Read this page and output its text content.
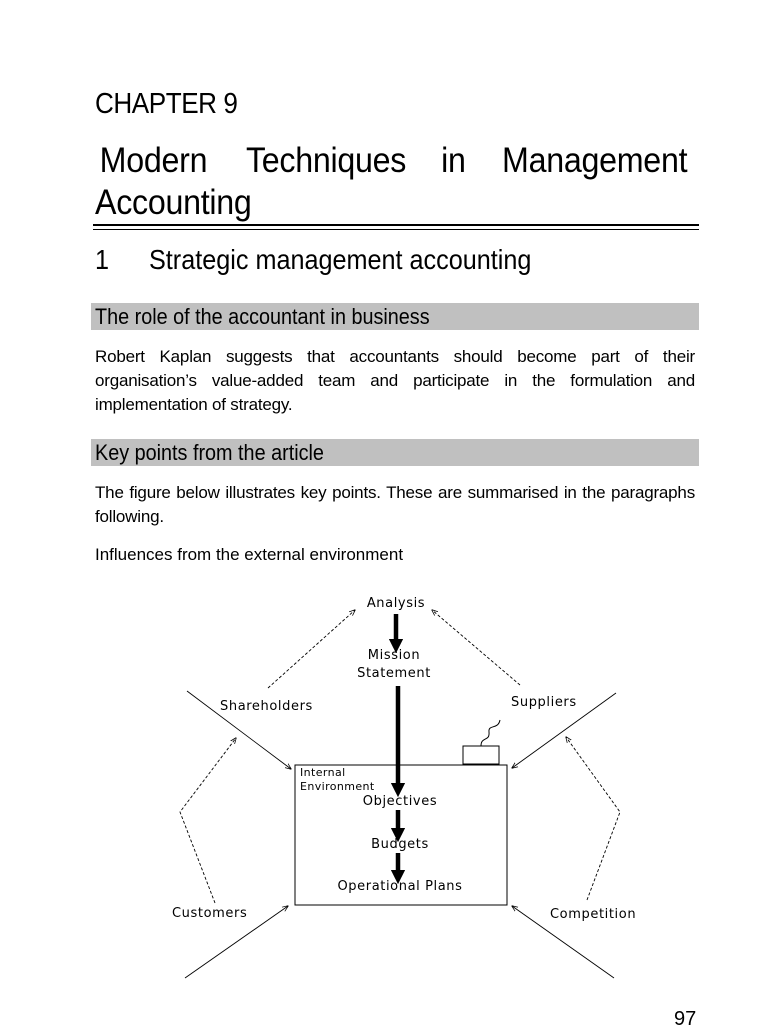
CHAPTER 9
Modern Techniques in Management
Accounting
1 Strategic management accounting
The role of the accountant in business
Robert Kaplan suggests that accountants should become part of their organisation’s value-added team and participate in the formulation and implementation of strategy.
Key points from the article
The figure below illustrates key points. These are summarised in the paragraphs following.
Influences from the external environment
Analysis
Mission
Statement
Shareholders	Suppliers
Customers	Competition
Internal
Environment
Objectives
Budgets
Operational Plans
97
